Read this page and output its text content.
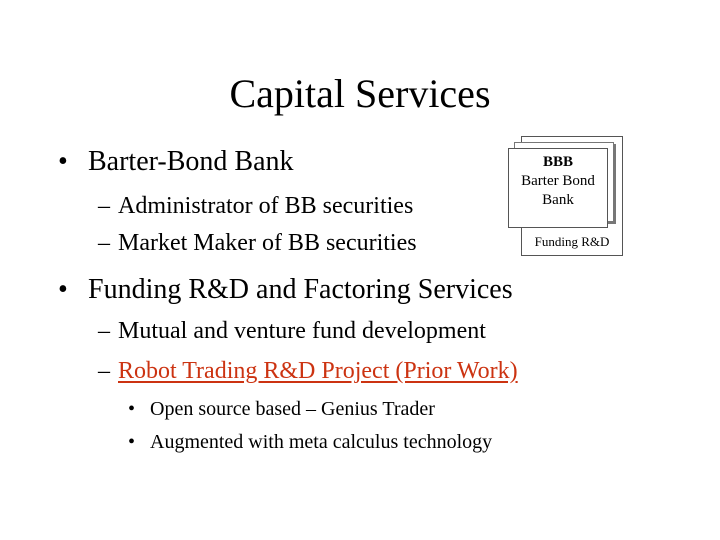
Capital Services
• Barter-Bond Bank
– Administrator of BB securities
– Market Maker of BB securities
BBB
Barter Bond
Bank
Funding R&D
• Funding R&D and Factoring Services
– Mutual and venture fund development
– Robot Trading R&D Project (Prior Work)
• Open source based – Genius Trader
• Augmented with meta calculus technology
